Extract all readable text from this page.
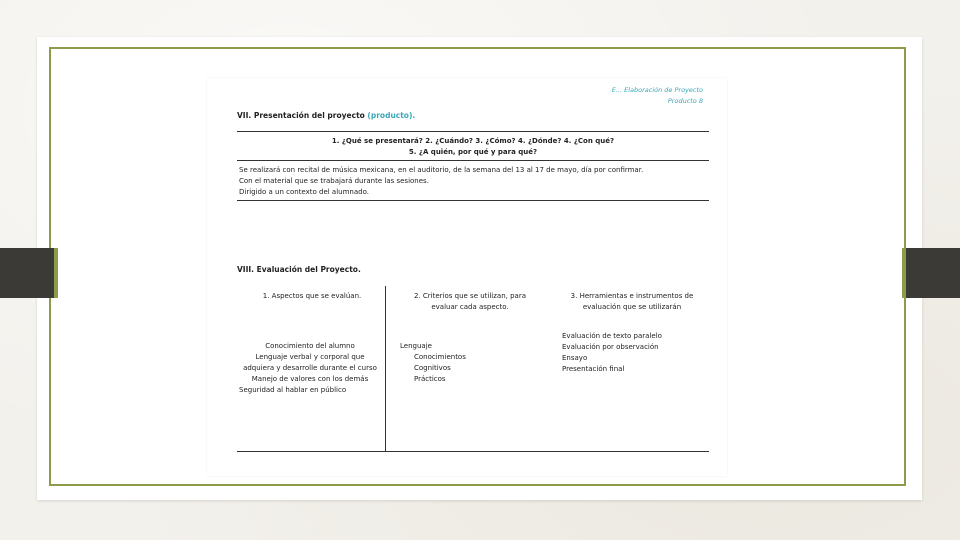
E... Elaboración de Proyecto
Producto 8
VII. Presentación del proyecto (producto).
1. ¿Qué se presentará? 2. ¿Cuándo? 3. ¿Cómo? 4. ¿Dónde? 4. ¿Con qué?
5. ¿A quién, por qué y para qué?
Se realizará con recital de música mexicana, en el auditorio, de la semana del 13 al 17 de mayo, día por confirmar.
Con el material que se trabajará durante las sesiones.
Dirigido a un contexto del alumnado.
VIII. Evaluación del Proyecto.
1. Aspectos que se evalúan.	2. Criterios que se utilizan, para
evaluar cada aspecto.
3. Herramientas e instrumentos de
evaluación que se utilizarán
Conocimiento del alumno
Lenguaje verbal y corporal que
adquiera y desarrolle durante el curso
Manejo de valores con los demás
Seguridad al hablar en público
Lenguaje
Conocimientos
Cognitivos
Prácticos
Evaluación de texto paralelo
Evaluación por observación
Ensayo
Presentación final
